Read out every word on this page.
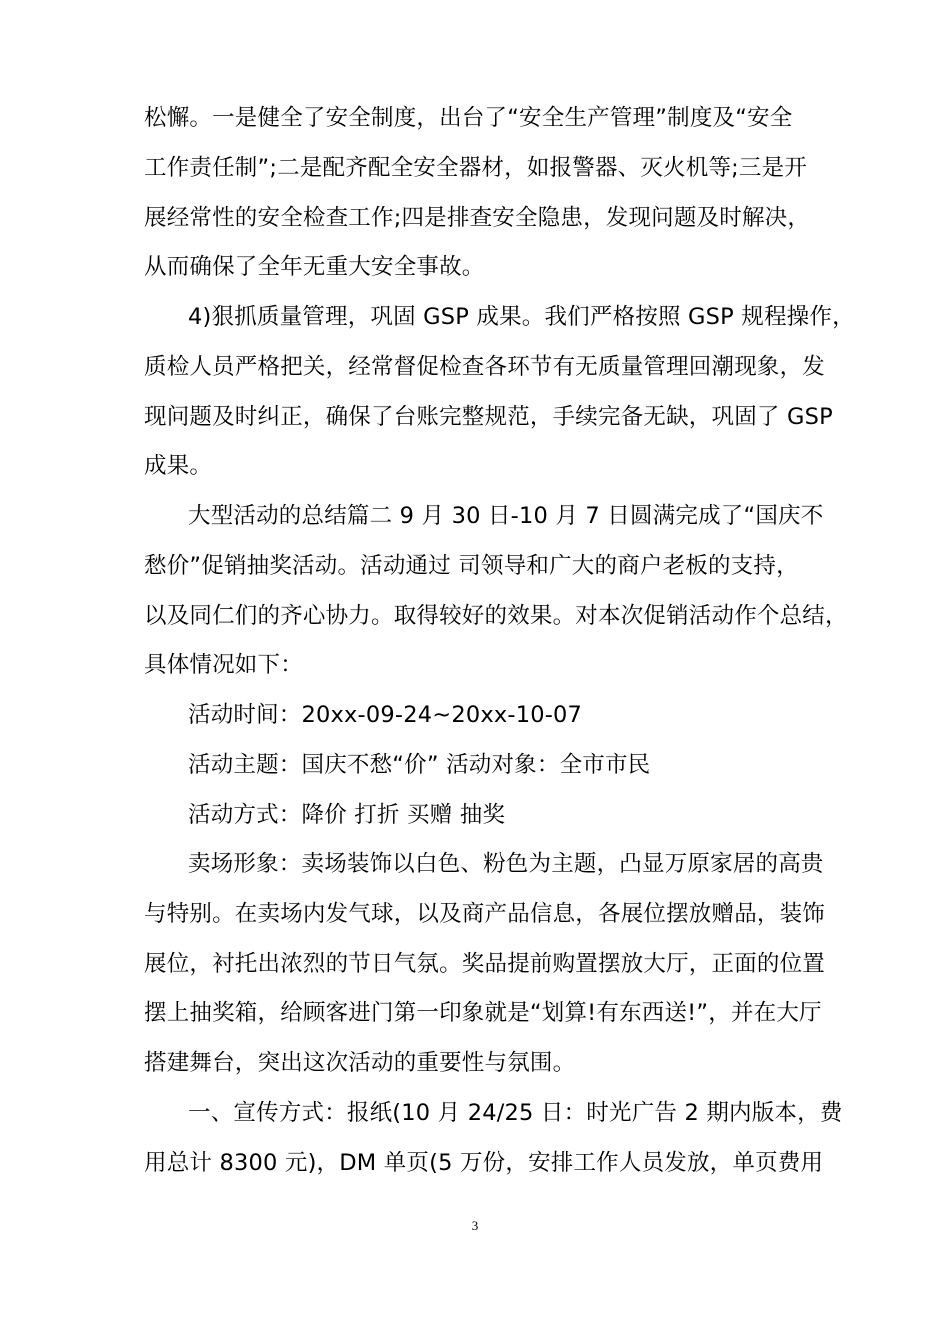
松懈。一是健全了安全制度，出台了“安全生产管理”制度及“安全
工作责任制”;二是配齐配全安全器材，如报警器、灭火机等;三是开
展经常性的安全检查工作;四是排查安全隐患，发现问题及时解决，
从而确保了全年无重大安全事故。
4)狠抓质量管理，巩固 GSP 成果。我们严格按照 GSP 规程操作，
质检人员严格把关，经常督促检查各环节有无质量管理回潮现象，发
现问题及时纠正，确保了台账完整规范，手续完备无缺，巩固了 GSP
成果。
大型活动的总结篇二 9 月 30 日-10 月 7 日圆满完成了“国庆不
愁价”促销抽奖活动。活动通过 司领导和广大的商户老板的支持，
以及同仁们的齐心协力。取得较好的效果。对本次促销活动作个总结，
具体情况如下：
活动时间：20xx-09-24~20xx-10-07
活动主题：国庆不愁“价” 活动对象：全市市民
活动方式：降价 打折 买赠 抽奖
卖场形象：卖场装饰以白色、粉色为主题，凸显万原家居的高贵
与特别。在卖场内发气球，以及商产品信息，各展位摆放赠品，装饰
展位，衬托出浓烈的节日气氛。奖品提前购置摆放大厅，正面的位置
摆上抽奖箱，给顾客进门第一印象就是“划算!有东西送!”，并在大厅
搭建舞台，突出这次活动的重要性与氛围。
一、宣传方式：报纸(10 月 24/25 日：时光广告 2 期内版本，费
用总计 8300 元)，DM 单页(5 万份，安排工作人员发放，单页费用
3
